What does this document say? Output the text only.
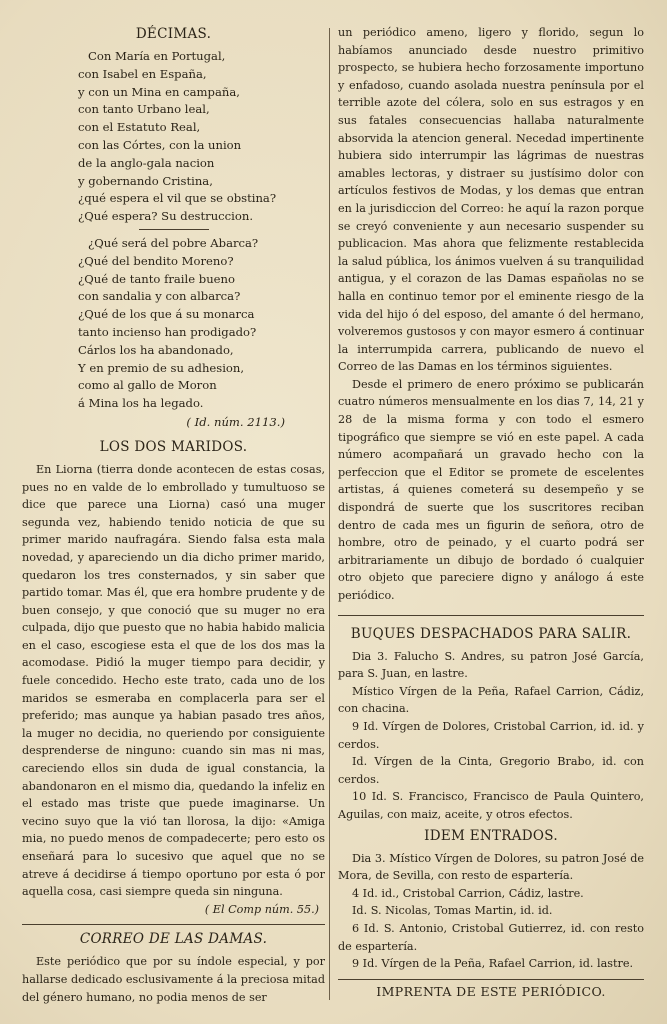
DÉCIMAS.
Con María en Portugal,
con Isabel en España,
y con un Mina en campaña,
con tanto Urbano leal,
con el Estatuto Real,
con las Córtes, con la union
de la anglo-gala nacion
y gobernando Cristina,
¿qué espera el vil que se obstina?
¿Qué espera? Su destruccion.
¿Qué será del pobre Abarca?
¿Qué del bendito Moreno?
¿Qué de tanto fraile bueno
con sandalia y con albarca?
¿Qué de los que á su monarca
tanto incienso han prodigado?
Cárlos los ha abandonado,
Y en premio de su adhesion,
como al gallo de Moron
á Mina los ha legado.
( Id. núm. 2113.)
LOS DOS MARIDOS.

En Liorna (tierra donde acontecen de estas cosas, pues no en valde de lo embrollado y tumultuoso se dice que parece una Liorna) casó una muger segunda vez, habiendo tenido noticia de que su primer marido naufragára. Siendo falsa esta mala novedad, y apareciendo un dia dicho primer marido, quedaron los tres consternados, y sin saber que partido tomar. Mas él, que era hombre prudente y de buen consejo, y que conoció que su muger no era culpada, dijo que puesto que no habia habido malicia en el caso, escogiese esta el que de los dos mas la acomodase. Pidió la muger tiempo para decidir, y fuele concedido. Hecho este trato, cada uno de los maridos se esmeraba en complacerla para ser el preferido; mas aunque ya habian pasado tres años, la muger no decidia, no queriendo por consiguiente desprenderse de ninguno: cuando sin mas ni mas, careciendo ellos sin duda de igual constancia, la abandonaron en el mismo dia, quedando la infeliz en el estado mas triste que puede imaginarse. Un vecino suyo que la vió tan llorosa, la dijo: «Amiga mia, no puedo menos de compadecerte; pero esto os enseñará para lo sucesivo que aquel que no se atreve á decidirse á tiempo oportuno por esta ó por aquella cosa, casi siempre queda sin ninguna.

( El Comp núm. 55.)
CORREO DE LAS DAMAS.

Este periódico que por su índole especial, y por hallarse dedicado esclusivamente á la preciosa mitad del género humano, no podia menos de ser

un periódico ameno, ligero y florido, segun lo habíamos anunciado desde nuestro primitivo prospecto, se hubiera hecho forzosamente importuno y enfadoso, cuando asolada nuestra península por el terrible azote del cólera, solo en sus estragos y en sus fatales consecuencias hallaba naturalmente absorvida la atencion general. Necedad impertinente hubiera sido interrumpir las lágrimas de nuestras amables lectoras, y distraer su justísimo dolor con artículos festivos de Modas, y los demas que entran en la jurisdiccion del Correo: he aquí la razon porque se creyó conveniente y aun necesario suspender su publicacion. Mas ahora que felizmente restablecida la salud pública, los ánimos vuelven á su tranquilidad antigua, y el corazon de las Damas españolas no se halla en continuo temor por el eminente riesgo de la vida del hijo ó del esposo, del amante ó del hermano, volveremos gustosos y con mayor esmero á continuar la interrumpida carrera, publicando de nuevo el Correo de las Damas en los términos siguientes.

Desde el primero de enero próximo se publicarán cuatro números mensualmente en los dias 7, 14, 21 y 28 de la misma forma y con todo el esmero tipográfico que siempre se vió en este papel. A cada número acompañará un gravado hecho con la perfeccion que el Editor se promete de escelentes artistas, á quienes cometerá su desempeño y se dispondrá de suerte que los suscritores reciban dentro de cada mes un figurin de señora, otro de hombre, otro de peinado, y el cuarto podrá ser arbitrariamente un dibujo de bordado ó cualquier otro objeto que pareciere digno y análogo á este periódico.

BUQUES DESPACHADOS PARA SALIR.

Dia 3. Falucho S. Andres, su patron José García, para S. Juan, en lastre.

Místico Vírgen de la Peña, Rafael Carrion, Cádiz, con chacina.

9 Id. Vírgen de Dolores, Cristobal Carrion, id. id. y cerdos.

Id. Vírgen de la Cinta, Gregorio Brabo, id. con cerdos.

10 Id. S. Francisco, Francisco de Paula Quintero, Aguilas, con maiz, aceite, y otros efectos.

IDEM ENTRADOS.

Dia 3. Místico Vírgen de Dolores, su patron José de Mora, de Sevilla, con resto de espartería.

4 Id. id., Cristobal Carrion, Cádiz, lastre.

Id. S. Nicolas, Tomas Martin, id. id.

6 Id. S. Antonio, Cristobal Gutierrez, id. con resto de espartería.

9 Id. Vírgen de la Peña, Rafael Carrion, id. lastre.

IMPRENTA DE ESTE PERIÓDICO.
